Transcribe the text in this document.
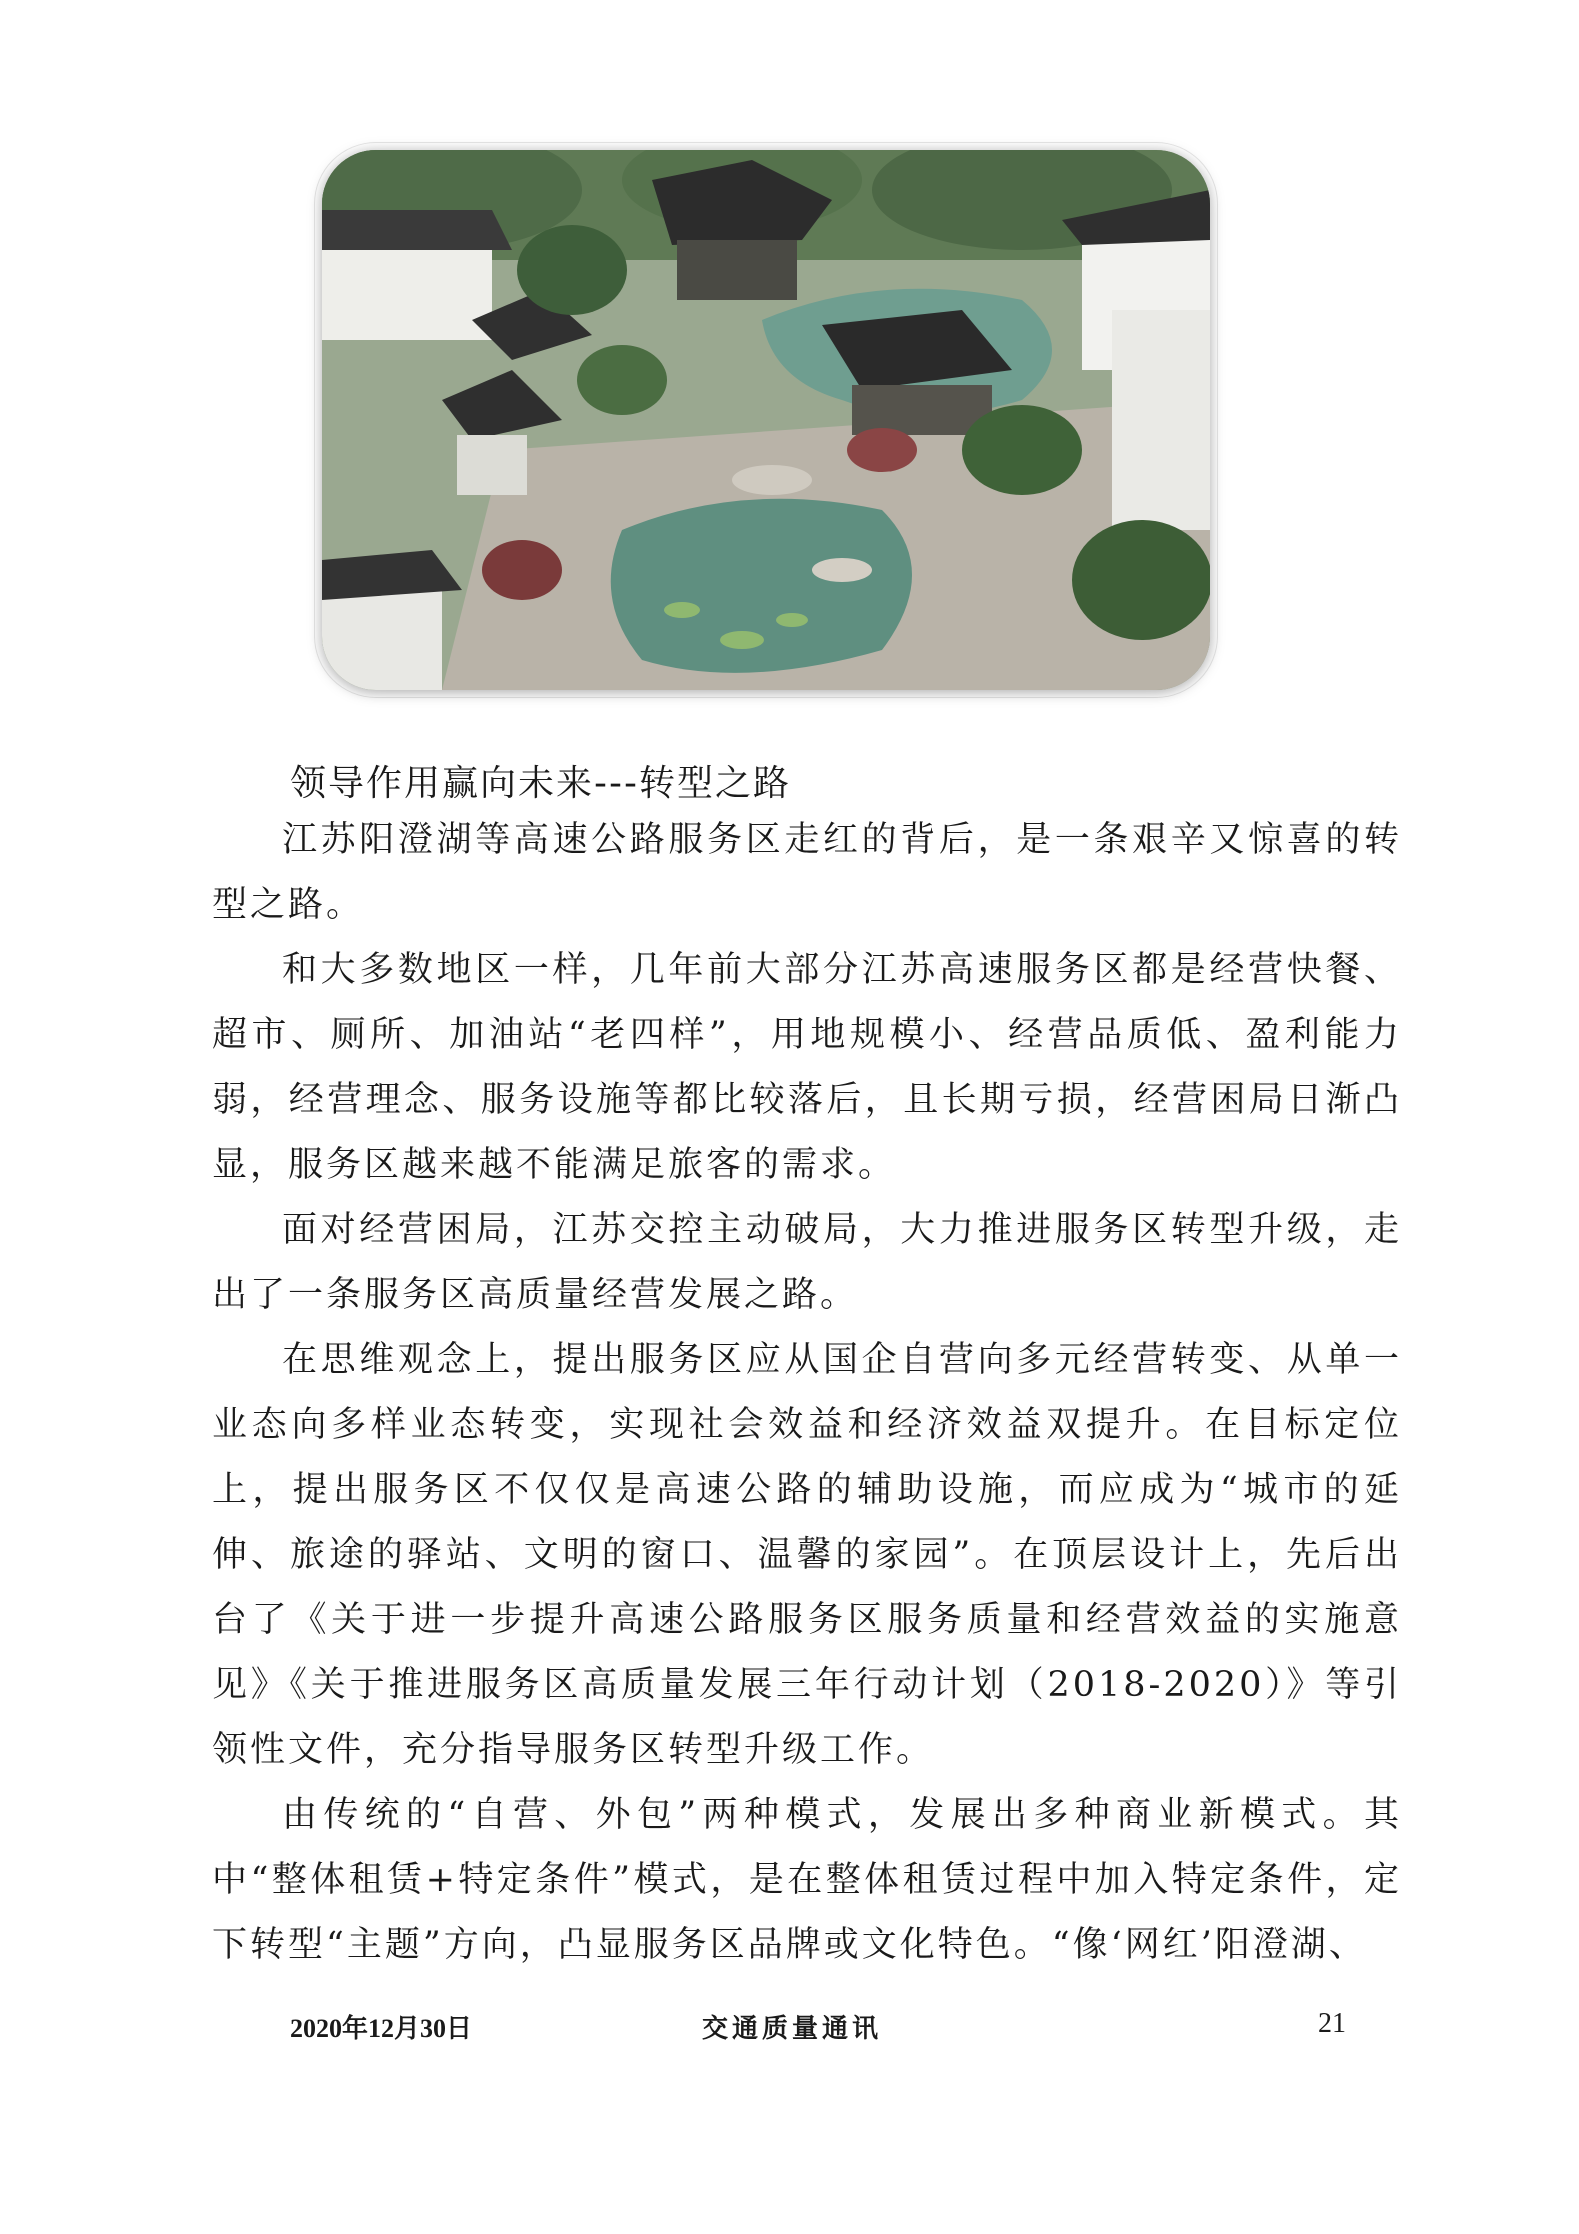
领导作用赢向未来---转型之路

江苏阳澄湖等高速公路服务区走红的背后，是一条艰辛又惊喜的转型之路。

和大多数地区一样，几年前大部分江苏高速服务区都是经营快餐、超市、厕所、加油站“老四样”，用地规模小、经营品质低、盈利能力弱，经营理念、服务设施等都比较落后，且长期亏损，经营困局日渐凸显，服务区越来越不能满足旅客的需求。

面对经营困局，江苏交控主动破局，大力推进服务区转型升级，走出了一条服务区高质量经营发展之路。

在思维观念上，提出服务区应从国企自营向多元经营转变、从单一业态向多样业态转变，实现社会效益和经济效益双提升。在目标定位上，提出服务区不仅仅是高速公路的辅助设施，而应成为“城市的延伸、旅途的驿站、文明的窗口、温馨的家园”。在顶层设计上，先后出台了《关于进一步提升高速公路服务区服务质量和经营效益的实施意见》《关于推进服务区高质量发展三年行动计划（2018-2020）》等引领性文件，充分指导服务区转型升级工作。

由传统的“自营、外包”两种模式，发展出多种商业新模式。其中“整体租赁+特定条件”模式，是在整体租赁过程中加入特定条件，定下转型“主题”方向，凸显服务区品牌或文化特色。“像‘网红’阳澄湖、

2020年12月30日	交通质量通讯	21
